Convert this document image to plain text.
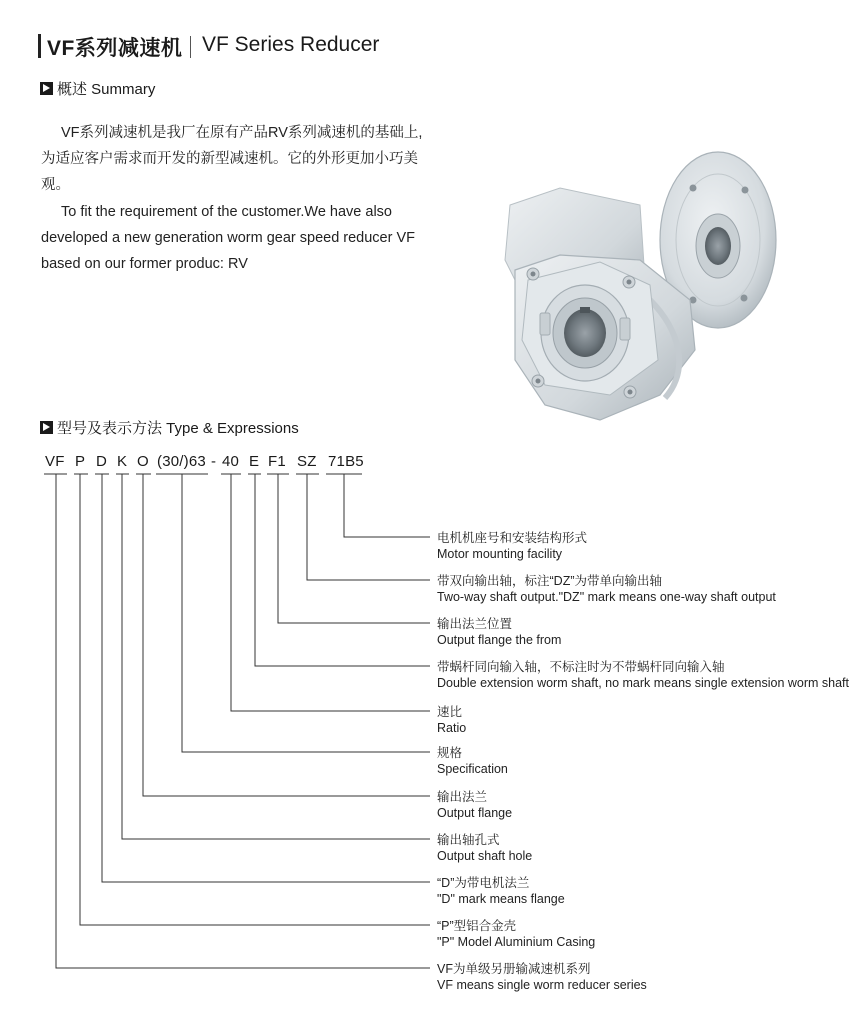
VF系列减速机 VF Series Reducer
概述 Summary
VF系列减速机是我厂在原有产品RV系列减速机的基础上,
为适应客户需求而开发的新型减速机。它的外形更加小巧美
观。
To fit the requirement of the customer.We have also
developed a new generation worm gear speed reducer VF
based on our former produc: RV
型号及表示方法 Type & Expressions
VF P D K O (30/)63 - 40 E F1 SZ 71B5
电机机座号和安装结构形式
Motor mounting facility
带双向输出轴，标注“DZ”为带单向输出轴
Two-way shaft output."DZ" mark means one-way shaft output
输出法兰位置
Output flange the from
带蜗杆同向输入轴，不标注时为不带蜗杆同向输入轴
Double extension worm shaft, no mark means single extension worm shaft
速比
Ratio
规格
Specification
输出法兰
Output flange
输出轴孔式
Output shaft hole
“D”为带电机法兰
"D" mark means flange
“P”型铝合金壳
"P" Model Aluminium Casing
VF为单级另册输减速机系列
VF means single worm reducer series
